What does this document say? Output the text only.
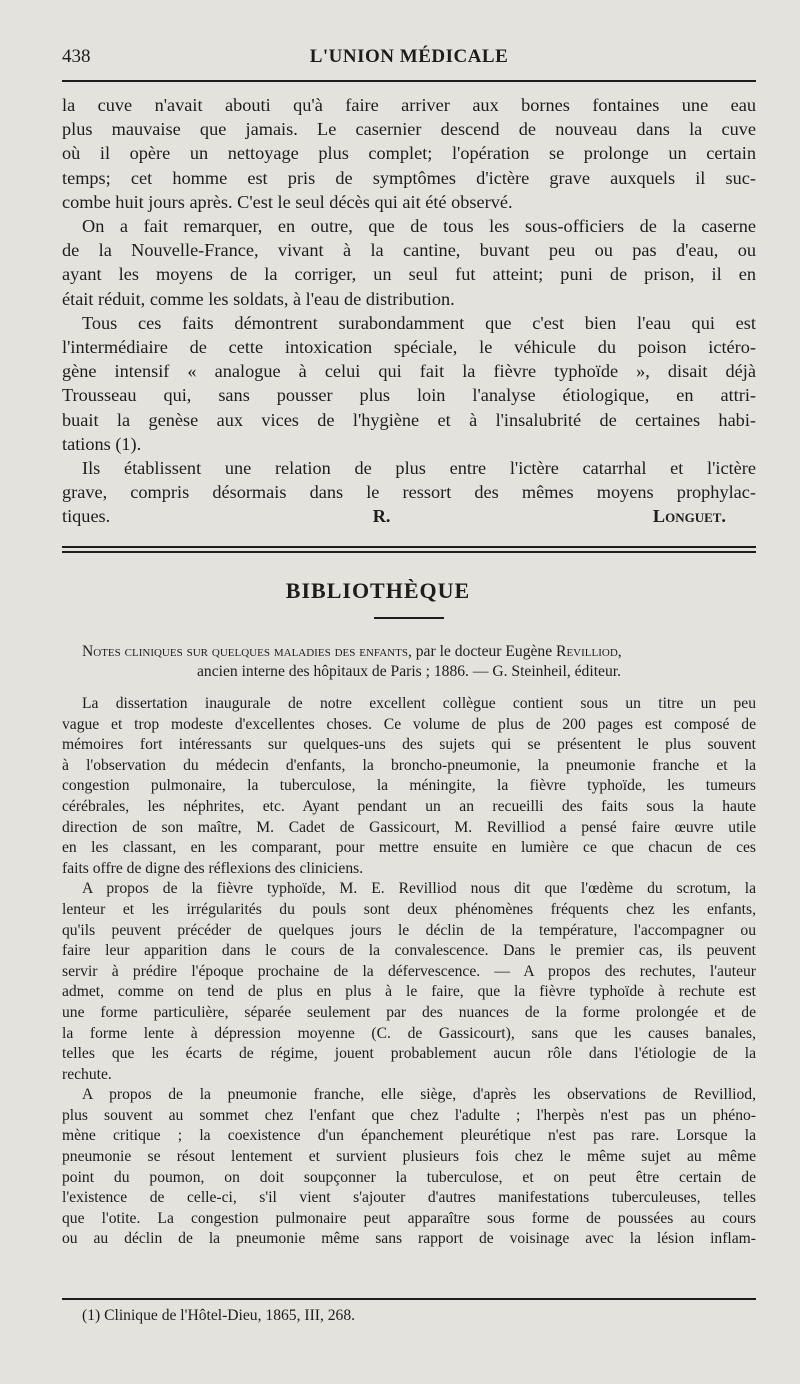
438	L'UNION MÉDICALE
la cuve n'avait abouti qu'à faire arriver aux bornes fontaines une eau
plus mauvaise que jamais. Le casernier descend de nouveau dans la cuve
où il opère un nettoyage plus complet; l'opération se prolonge un certain
temps; cet homme est pris de symptômes d'ictère grave auxquels il suc-
combe huit jours après. C'est le seul décès qui ait été observé.
On a fait remarquer, en outre, que de tous les sous-officiers de la caserne
de la Nouvelle-France, vivant à la cantine, buvant peu ou pas d'eau, ou
ayant les moyens de la corriger, un seul fut atteint; puni de prison, il en
était réduit, comme les soldats, à l'eau de distribution.
Tous ces faits démontrent surabondamment que c'est bien l'eau qui est
l'intermédiaire de cette intoxication spéciale, le véhicule du poison ictéro-
gène intensif « analogue à celui qui fait la fièvre typhoïde », disait déjà
Trousseau qui, sans pousser plus loin l'analyse étiologique, en attri-
buait la genèse aux vices de l'hygiène et à l'insalubrité de certaines habi-
tations (1).
Ils établissent une relation de plus entre l'ictère catarrhal et l'ictère
grave, compris désormais dans le ressort des mêmes moyens prophylac-
tiques.	R. Longuet.
BIBLIOTHÈQUE
Notes cliniques sur quelques maladies des enfants, par le docteur Eugène Revilliod,
ancien interne des hôpitaux de Paris ; 1886. — G. Steinheil, éditeur.
La dissertation inaugurale de notre excellent collègue contient sous un titre un peu
vague et trop modeste d'excellentes choses. Ce volume de plus de 200 pages est composé de
mémoires fort intéressants sur quelques-uns des sujets qui se présentent le plus souvent
à l'observation du médecin d'enfants, la broncho-pneumonie, la pneumonie franche et la
congestion pulmonaire, la tuberculose, la méningite, la fièvre typhoïde, les tumeurs
cérébrales, les néphrites, etc. Ayant pendant un an recueilli des faits sous la haute
direction de son maître, M. Cadet de Gassicourt, M. Revilliod a pensé faire œuvre utile
en les classant, en les comparant, pour mettre ensuite en lumière ce que chacun de ces
faits offre de digne des réflexions des cliniciens.
A propos de la fièvre typhoïde, M. E. Revilliod nous dit que l'œdème du scrotum, la
lenteur et les irrégularités du pouls sont deux phénomènes fréquents chez les enfants,
qu'ils peuvent précéder de quelques jours le déclin de la température, l'accompagner ou
faire leur apparition dans le cours de la convalescence. Dans le premier cas, ils peuvent
servir à prédire l'époque prochaine de la défervescence. — A propos des rechutes, l'auteur
admet, comme on tend de plus en plus à le faire, que la fièvre typhoïde à rechute est
une forme particulière, séparée seulement par des nuances de la forme prolongée et de
la forme lente à dépression moyenne (C. de Gassicourt), sans que les causes banales,
telles que les écarts de régime, jouent probablement aucun rôle dans l'étiologie de la
rechute.
A propos de la pneumonie franche, elle siège, d'après les observations de Revilliod,
plus souvent au sommet chez l'enfant que chez l'adulte ; l'herpès n'est pas un phéno-
mène critique ; la coexistence d'un épanchement pleurétique n'est pas rare. Lorsque la
pneumonie se résout lentement et survient plusieurs fois chez le même sujet au même
point du poumon, on doit soupçonner la tuberculose, et on peut être certain de
l'existence de celle-ci, s'il vient s'ajouter d'autres manifestations tuberculeuses, telles
que l'otite. La congestion pulmonaire peut apparaître sous forme de poussées au cours
ou au déclin de la pneumonie même sans rapport de voisinage avec la lésion inflam-
(1) Clinique de l'Hôtel-Dieu, 1865, III, 268.
